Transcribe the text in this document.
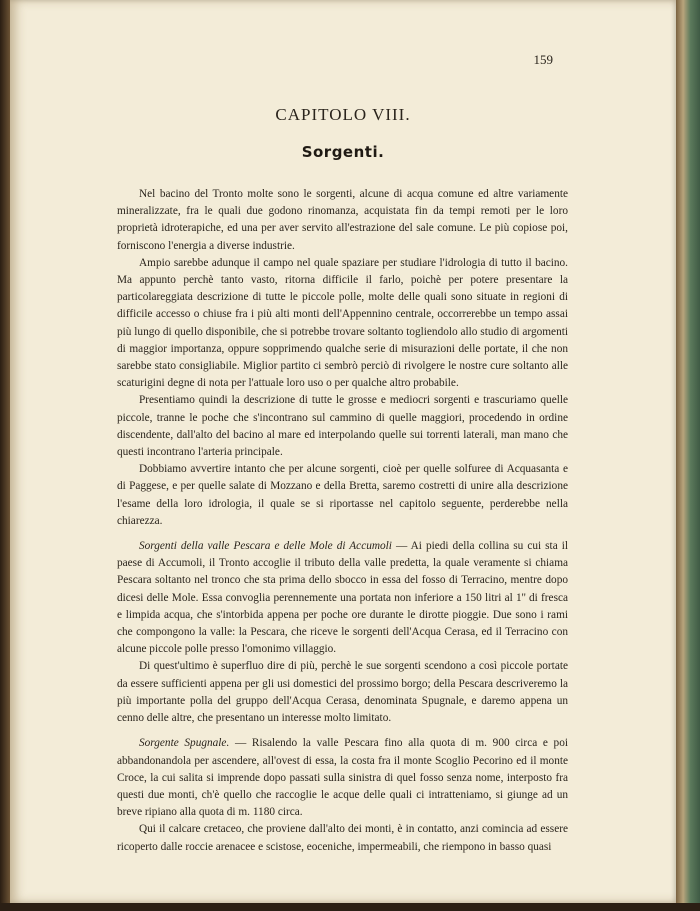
159
CAPITOLO VIII.
Sorgenti.

Nel bacino del Tronto molte sono le sorgenti, alcune di acqua comune ed altre variamente mineralizzate, fra le quali due godono rinomanza, acquistata fin da tempi remoti per le loro proprietà idroterapiche, ed una per aver servito all'estrazione del sale comune. Le più copiose poi, forniscono l'energia a diverse industrie.

Ampio sarebbe adunque il campo nel quale spaziare per studiare l'idrologia di tutto il bacino. Ma appunto perchè tanto vasto, ritorna difficile il farlo, poichè per potere presentare la particolareggiata descrizione di tutte le piccole polle, molte delle quali sono situate in regioni di difficile accesso o chiuse fra i più alti monti dell'Appennino centrale, occorrerebbe un tempo assai più lungo di quello disponibile, che si potrebbe trovare soltanto togliendolo allo studio di argomenti di maggior importanza, oppure sopprimendo qualche serie di misurazioni delle portate, il che non sarebbe stato consigliabile. Miglior partito ci sembrò perciò di rivolgere le nostre cure soltanto alle scaturigini degne di nota per l'attuale loro uso o per qualche altro probabile.

Presentiamo quindi la descrizione di tutte le grosse e mediocri sorgenti e trascuriamo quelle piccole, tranne le poche che s'incontrano sul cammino di quelle maggiori, procedendo in ordine discendente, dall'alto del bacino al mare ed interpolando quelle sui torrenti laterali, man mano che questi incontrano l'arteria principale.

Dobbiamo avvertire intanto che per alcune sorgenti, cioè per quelle solfuree di Acquasanta e di Paggese, e per quelle salate di Mozzano e della Bretta, saremo costretti di unire alla descrizione l'esame della loro idrologia, il quale se si riportasse nel capitolo seguente, perderebbe nella chiarezza.

Sorgenti della valle Pescara e delle Mole di Accumoli — Ai piedi della collina su cui sta il paese di Accumoli, il Tronto accoglie il tributo della valle predetta, la quale veramente si chiama Pescara soltanto nel tronco che sta prima dello sbocco in essa del fosso di Terracino, mentre dopo dicesi delle Mole. Essa convoglia perennemente una portata non inferiore a 150 litri al 1'' di fresca e limpida acqua, che s'intorbida appena per poche ore durante le dirotte pioggie. Due sono i rami che compongono la valle: la Pescara, che riceve le sorgenti dell'Acqua Cerasa, ed il Terracino con alcune piccole polle presso l'omonimo villaggio.

Di quest'ultimo è superfluo dire di più, perchè le sue sorgenti scendono a così piccole portate da essere sufficienti appena per gli usi domestici del prossimo borgo; della Pescara descriveremo la più importante polla del gruppo dell'Acqua Cerasa, denominata Spugnale, e daremo appena un cenno delle altre, che presentano un interesse molto limitato.

Sorgente Spugnale. — Risalendo la valle Pescara fino alla quota di m. 900 circa e poi abbandonandola per ascendere, all'ovest di essa, la costa fra il monte Scoglio Pecorino ed il monte Croce, la cui salita si imprende dopo passati sulla sinistra di quel fosso senza nome, interposto fra questi due monti, ch'è quello che raccoglie le acque delle quali ci intratteniamo, si giunge ad un breve ripiano alla quota di m. 1180 circa.

Qui il calcare cretaceo, che proviene dall'alto dei monti, è in contatto, anzi comincia ad essere ricoperto dalle roccie arenacee e scistose, eoceniche, impermeabili, che riempono in basso quasi
